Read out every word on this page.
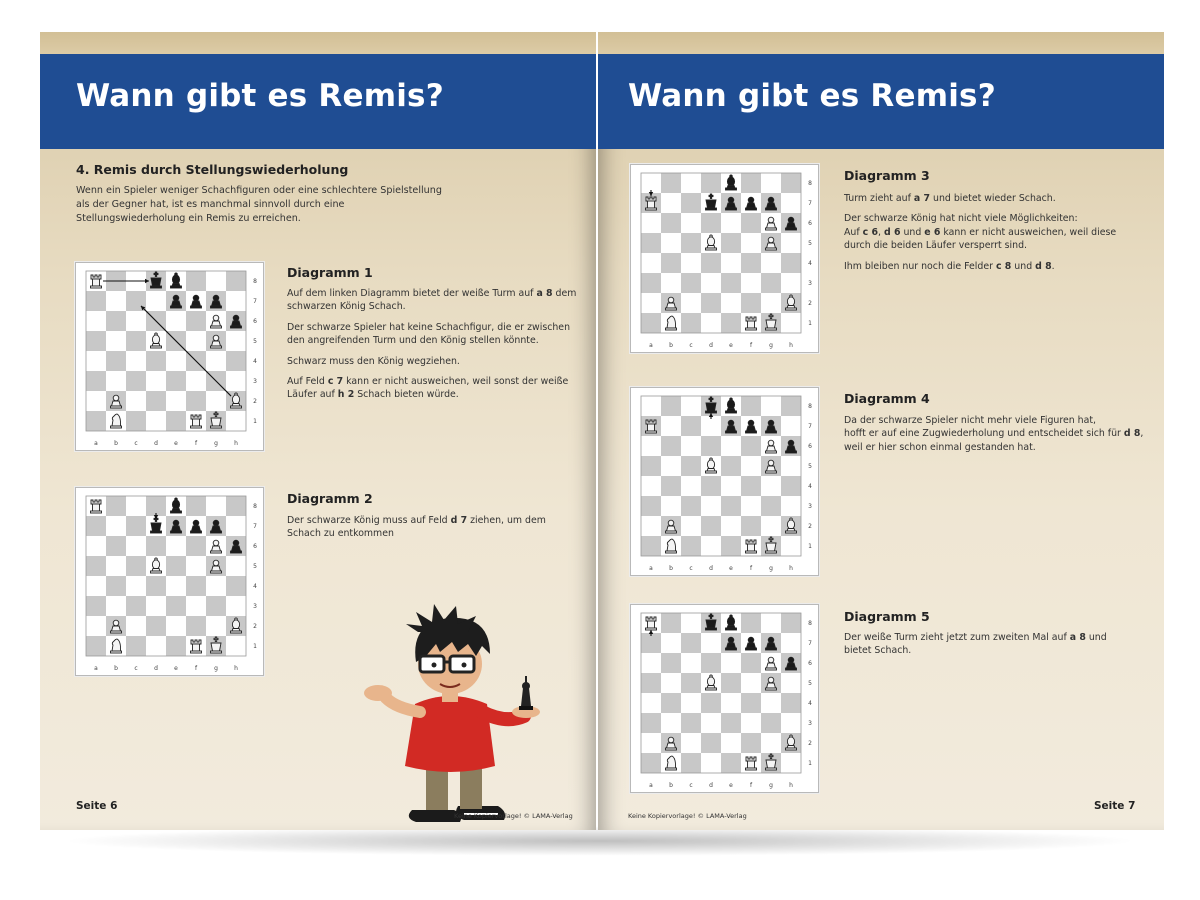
Wann gibt es Remis?
4. Remis durch Stellungswiederholung
Wenn ein Spieler weniger Schachfiguren oder eine schlechtere Spielstellung als der Gegner hat, ist es manchmal sinnvoll durch eine Stellungswiederholung ein Remis zu erreichen.
a	b	c	d	e	f	g	h
8
7
6
5
4
3
2
1
Diagramm 1

Auf dem linken Diagramm bietet der weiße Turm auf a 8 dem schwarzen König Schach.

Der schwarze Spieler hat keine Schachfigur, die er zwischen den angreifenden Turm und den König stellen könnte.

Schwarz muss den König wegziehen.

Auf Feld c 7 kann er nicht ausweichen, weil sonst der weiße Läufer auf h 2 Schach bieten würde.

a	b	c	d	e	f	g	h
8
7
6
5
4
3
2
1
Diagramm 2

Der schwarze König muss auf Feld d 7 ziehen, um dem Schach zu entkommen

Seite 6
Keine Kopiervorlage! © LAMA-Verlag
Wann gibt es Remis?
a	b	c	d	e	f	g	h
8
7
6
5
4
3
2
1
Diagramm 3

Turm zieht auf a 7 und bietet wieder Schach.

Der schwarze König hat nicht viele Möglichkeiten:
Auf c 6, d 6 und e 6 kann er nicht ausweichen, weil diese durch die beiden Läufer versperrt sind.

Ihm bleiben nur noch die Felder c 8 und d 8.

a	b	c	d	e	f	g	h
8
7
6
5
4
3
2
1
Diagramm 4

Da der schwarze Spieler nicht mehr viele Figuren hat,
hofft er auf eine Zugwiederholung und entscheidet sich für d 8,
weil er hier schon einmal gestanden hat.

a	b	c	d	e	f	g	h
8
7
6
5
4
3
2
1
Diagramm 5

Der weiße Turm zieht jetzt zum zweiten Mal auf a 8 und
bietet Schach.

Keine Kopiervorlage! © LAMA-Verlag
Seite 7
